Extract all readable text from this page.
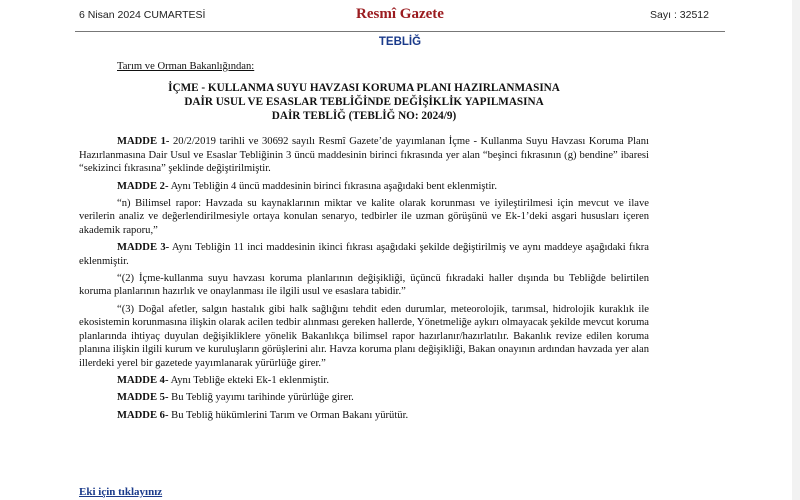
6 Nisan 2024 CUMARTESİ	Resmî Gazete	Sayı : 32512
TEBLİĞ
Tarım ve Orman Bakanlığından:
İÇME - KULLANMA SUYU HAVZASI KORUMA PLANI HAZIRLANMASINA
DAİR USUL VE ESASLAR TEBLİĞİNDE DEĞİŞİKLİK YAPILMASINA
DAİR TEBLİĞ (TEBLİĞ NO: 2024/9)

MADDE 1- 20/2/2019 tarihli ve 30692 sayılı Resmî Gazete’de yayımlanan İçme - Kullanma Suyu Havzası Koruma Planı Hazırlanmasına Dair Usul ve Esaslar Tebliğinin 3 üncü maddesinin birinci fıkrasında yer alan “beşinci fıkrasının (g) bendine” ibaresi “sekizinci fıkrasına” şeklinde değiştirilmiştir.

MADDE 2- Aynı Tebliğin 4 üncü maddesinin birinci fıkrasına aşağıdaki bent eklenmiştir.

“n) Bilimsel rapor: Havzada su kaynaklarının miktar ve kalite olarak korunması ve iyileştirilmesi için mevcut ve ilave verilerin analiz ve değerlendirilmesiyle ortaya konulan senaryo, tedbirler ile uzman görüşünü ve Ek-1’deki asgari hususları içeren akademik raporu,”

MADDE 3- Aynı Tebliğin 11 inci maddesinin ikinci fıkrası aşağıdaki şekilde değiştirilmiş ve aynı maddeye aşağıdaki fıkra eklenmiştir.

“(2) İçme-kullanma suyu havzası koruma planlarının değişikliği, üçüncü fıkradaki haller dışında bu Tebliğde belirtilen koruma planlarının hazırlık ve onaylanması ile ilgili usul ve esaslara tabidir.”

“(3) Doğal afetler, salgın hastalık gibi halk sağlığını tehdit eden durumlar, meteorolojik, tarımsal, hidrolojik kuraklık ile ekosistemin korunmasına ilişkin olarak acilen tedbir alınması gereken hallerde, Yönetmeliğe aykırı olmayacak şekilde mevcut koruma planlarında ihtiyaç duyulan değişikliklere yönelik Bakanlıkça bilimsel rapor hazırlanır/hazırlatılır. Bakanlık revize edilen koruma planına ilişkin ilgili kurum ve kuruluşların görüşlerini alır. Havza koruma planı değişikliği, Bakan onayının ardından havzada yer alan illerdeki yerel bir gazetede yayımlanarak yürürlüğe girer.”

MADDE 4- Aynı Tebliğe ekteki Ek-1 eklenmiştir.

MADDE 5- Bu Tebliğ yayımı tarihinde yürürlüğe girer.

MADDE 6- Bu Tebliğ hükümlerini Tarım ve Orman Bakanı yürütür.

Eki için tıklayınız
